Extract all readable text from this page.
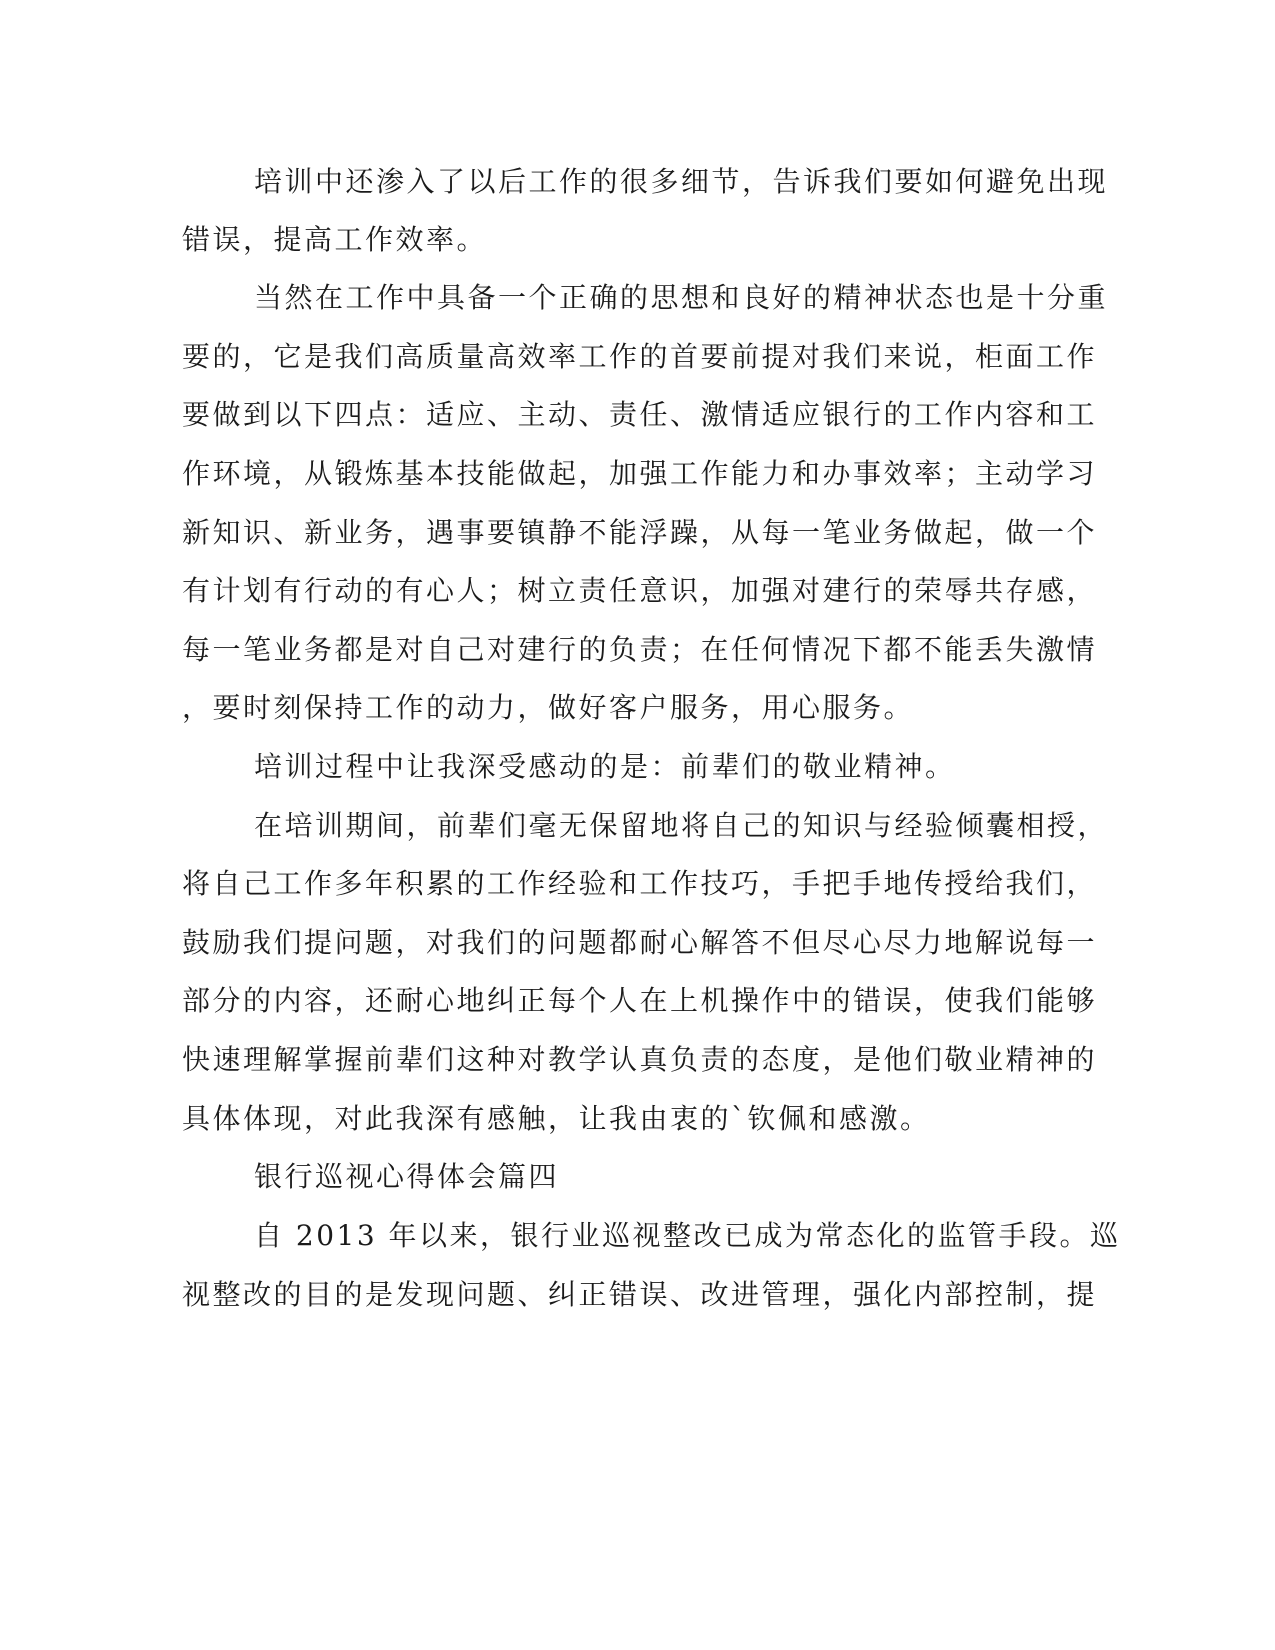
培训中还渗入了以后工作的很多细节，告诉我们要如何避免出现
错误，提高工作效率。
当然在工作中具备一个正确的思想和良好的精神状态也是十分重
要的，它是我们高质量高效率工作的首要前提对我们来说，柜面工作
要做到以下四点：适应、主动、责任、激情适应银行的工作内容和工
作环境，从锻炼基本技能做起，加强工作能力和办事效率；主动学习
新知识、新业务，遇事要镇静不能浮躁，从每一笔业务做起，做一个
有计划有行动的有心人；树立责任意识，加强对建行的荣辱共存感，
每一笔业务都是对自己对建行的负责；在任何情况下都不能丢失激情
，要时刻保持工作的动力，做好客户服务，用心服务。
培训过程中让我深受感动的是：前辈们的敬业精神。
在培训期间，前辈们毫无保留地将自己的知识与经验倾囊相授，
将自己工作多年积累的工作经验和工作技巧，手把手地传授给我们，
鼓励我们提问题，对我们的问题都耐心解答不但尽心尽力地解说每一
部分的内容，还耐心地纠正每个人在上机操作中的错误，使我们能够
快速理解掌握前辈们这种对教学认真负责的态度，是他们敬业精神的
具体体现，对此我深有感触，让我由衷的`钦佩和感激。
银行巡视心得体会篇四
自 2013 年以来，银行业巡视整改已成为常态化的监管手段。巡
视整改的目的是发现问题、纠正错误、改进管理，强化内部控制，提
